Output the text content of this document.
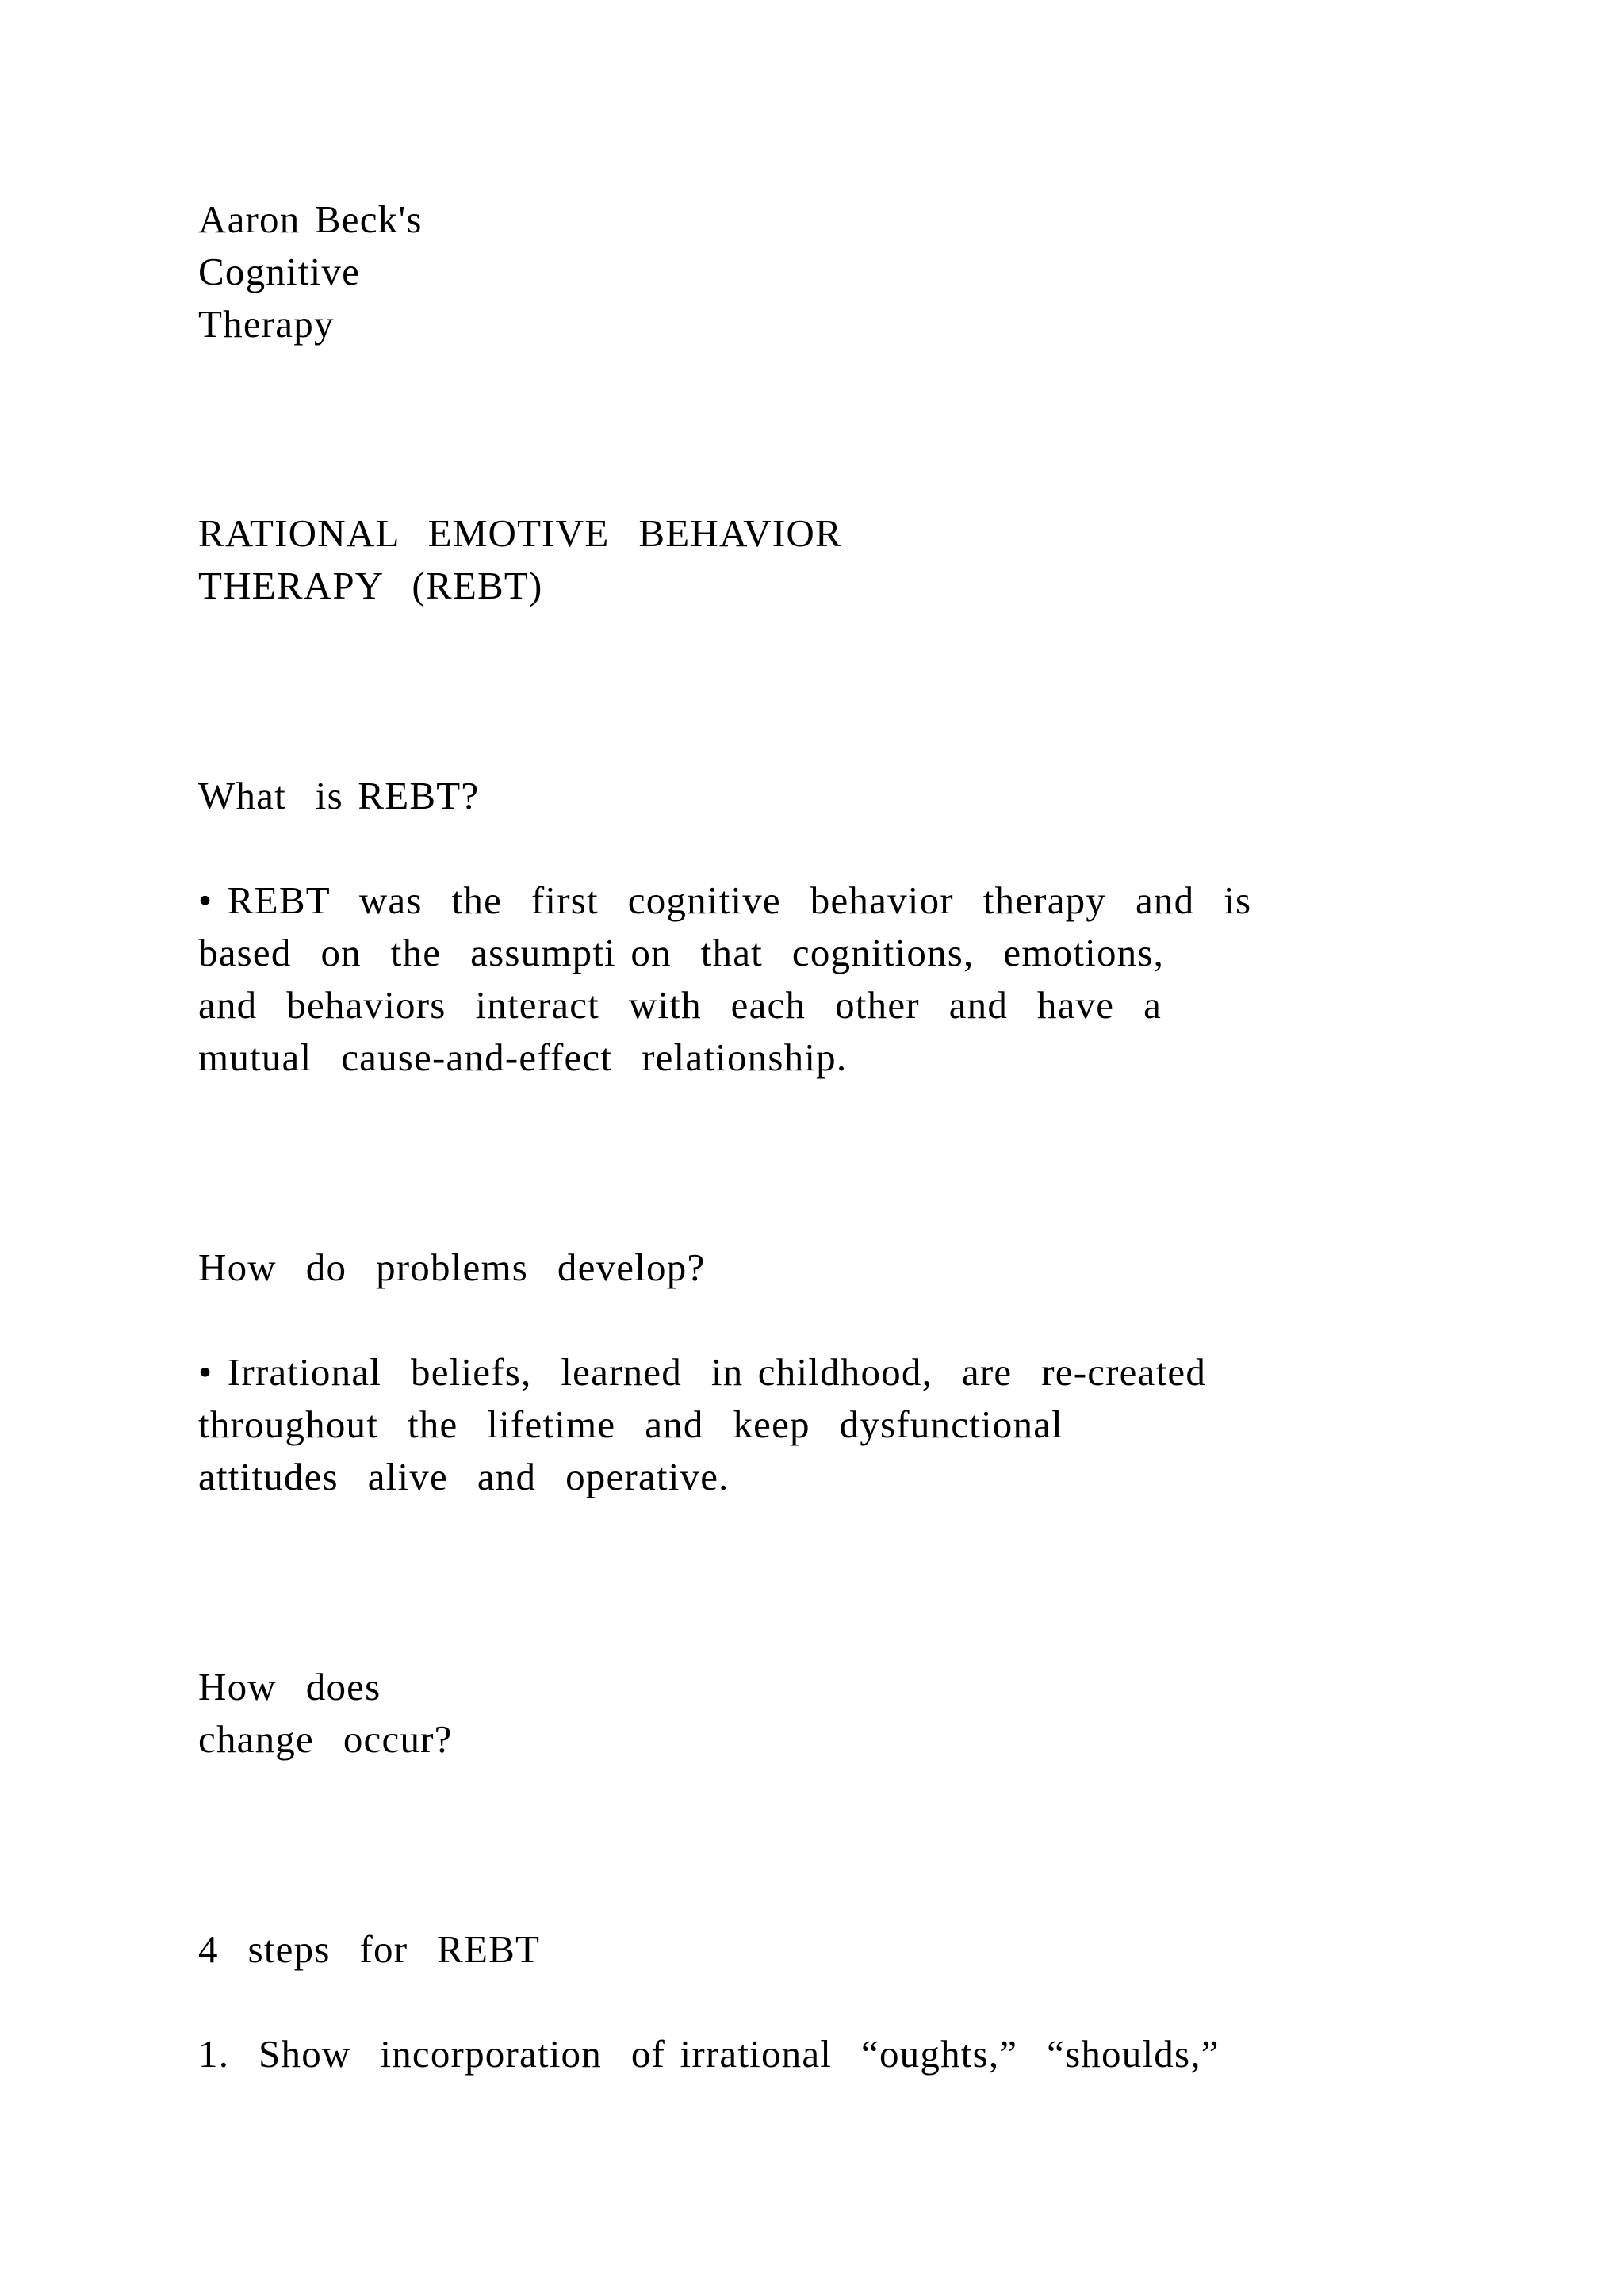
Aaron Beck's

Cognitive

Therapy

RATIONAL  EMOTIVE  BEHAVIOR

THERAPY  (REBT)

What  is REBT?

• REBT  was  the  first  cognitive  behavior  therapy  and  is

based  on  the  assumpti on  that  cognitions,  emotions,

and  behaviors  interact  with  each  other  and  have  a

mutual  cause-and-effect  relationship.

How  do  problems  develop?

• Irrational  beliefs,  learned  in childhood,  are  re-created

throughout  the  lifetime  and  keep  dysfunctional

attitudes  alive  and  operative.

How  does

change  occur?

4  steps  for  REBT

1.  Show  incorporation  of irrational  “oughts,”  “shoulds,”
